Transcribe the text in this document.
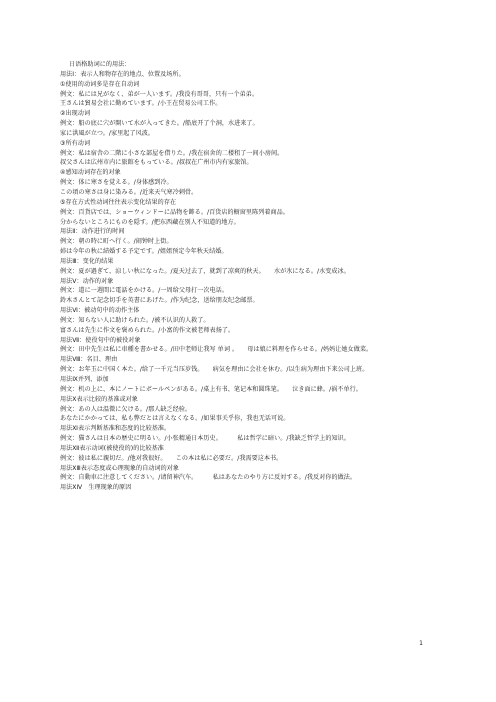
日语格助词に的用法：
用法Ⅰ：表示人和物存在的地点、位置及场所。
①使用的动词多是存在自动词
例文：私には兄がなく、弟が一人います。/我没有哥哥，只有一个弟弟。
王さんは貿易会社に勤めています。/小王在贸易公司工作。
②出现动词
例文：船の底に穴が開いて水が入ってきた。/船底开了个洞，水进来了。
家に洪風が立つ。/家里起了风波。
③所有动词
例文：私は宿舎の二階に小さな部屋を借りた。/我在宿舍的二楼租了一间小房间。
叔父さんは広州市内に旅館をもっている。/叔叔在广州市内有家旅馆。
④感知动词存在的对象
例文：体に寒さを覚える。/身体感到冷。
この頃の寒さは身に染みる。/近来天气寒冷刺骨。
⑤存在方式性动词往往表示变化结果的存在
例文：百貨店では、ショーウィンドーに品物を飾る。/百货店的橱窗里陈列着商品。
分からないところにものを隠す。/把东西藏在别人不知道的地方。
用法Ⅱ：动作进行的时间
例文：朝の時に町へ行く。/闹钟时上街。
姉は今年の秋に結婚する予定です。/姐姐预定今年秋天结婚。
用法Ⅲ：变化的结果
例文：夏が過ぎて、涼しい秋になった。/夏天过去了，就到了凉爽的秋天。　　水が氷になる。/水变成冰。
用法Ⅴ：动作的对象
例文：道に一週間に電話をかける。/一周给父母打一次电话。
鈴木さんとて記念切手を英書にあげた。/作为纪念，送给朋友纪念邮票。
用法Ⅵ：被动句中的动作主体
例文：知らない人に助けられた。/被不认识的人救了。
富さんは先生に作文を褒められた。/小富的作文被老师表扬了。
用法Ⅶ：使役句中的被役对象
例文：田中先生は私に車種を書かせる。/田中老师让我写 单词 。　　母は娘に料理を作らせる。/妈妈让她女做菜。
用法Ⅷ：名目、理由
例文：お年玉に中国く本た。/给了一千元当压岁钱。　　病気を理由に会社を休む。/以生病为理由下来公司上班。
用法Ⅸ并列、添加
例文：机の上に、本にノートにボールペンがある。/桌上有书、笔记本和圆珠笔。　　泣き面に蜂。/祸不单行。
用法Ⅹ表示比较的基准或对象
例文：あの人は温微に欠ける。/那人缺乏经验。
あなたにかかっては、私も弊だとは言えなくなる。/如果事关乎你，我也无话可说。
用法Ⅺ表示判断基准和态度的比较基准。
例文：猫さんは日本の歴史に明るい。/小张精通日本历史。　　　私は哲学に暗い。/我缺乏哲学上的知识。
用法Ⅻ表示动词(被使役的)的比较基准
例文：彼は私に親切だ。/他对我很好。　　この本は私に必要だ。/我需要这本书。
用法ⅩⅢ表示态度或心理现象的自动词的对象
例文：自動車に注意してください。/请留神汽车。　　　私はあなたのやり方に反対する。/我反对你的做法。
用法ⅩⅣ　生理现象的原因
1
